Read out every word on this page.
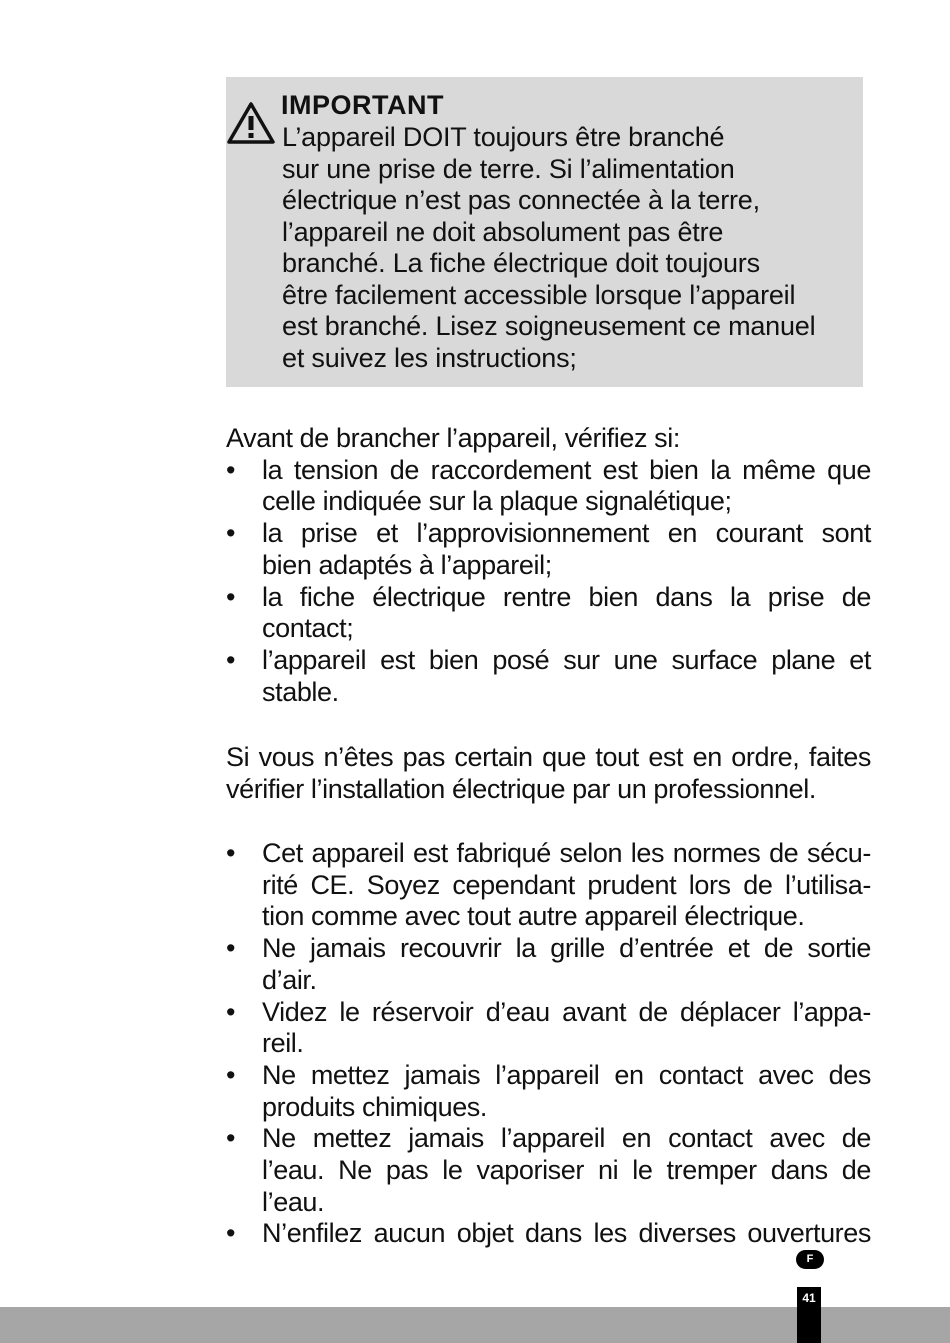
IMPORTANT
L’appareil DOIT toujours être branché
sur une prise de terre. Si l’alimentation
électrique n’est pas connectée à la terre,
l’appareil ne doit absolument pas être
branché. La fiche électrique doit toujours
être facilement accessible lorsque l’appareil
est branché. Lisez soigneusement ce manuel
et suivez les instructions;
Avant de brancher l’appareil, vérifiez si:
• la tension de raccordement est bien la même que
celle indiquée sur la plaque signalétique;
• la prise et l’approvisionnement en courant sont
bien adaptés à l’appareil;
• la fiche électrique rentre bien dans la prise de
contact;
• l’appareil est bien posé sur une surface plane et
stable.
Si vous n’êtes pas certain que tout est en ordre, faites
vérifier l’installation électrique par un professionnel.
• Cet appareil est fabriqué selon les normes de sécu-
rité CE. Soyez cependant prudent lors de l’utilisa-
tion comme avec tout autre appareil électrique.
• Ne jamais recouvrir la grille d’entrée et de sortie
d’air.
• Videz le réservoir d’eau avant de déplacer l’appa-
reil.
• Ne mettez jamais l’appareil en contact avec des
produits chimiques.
• Ne mettez jamais l’appareil en contact avec de
l’eau. Ne pas le vaporiser ni le tremper dans de
l’eau.
• N’enfilez aucun objet dans les diverses ouvertures
F
41
